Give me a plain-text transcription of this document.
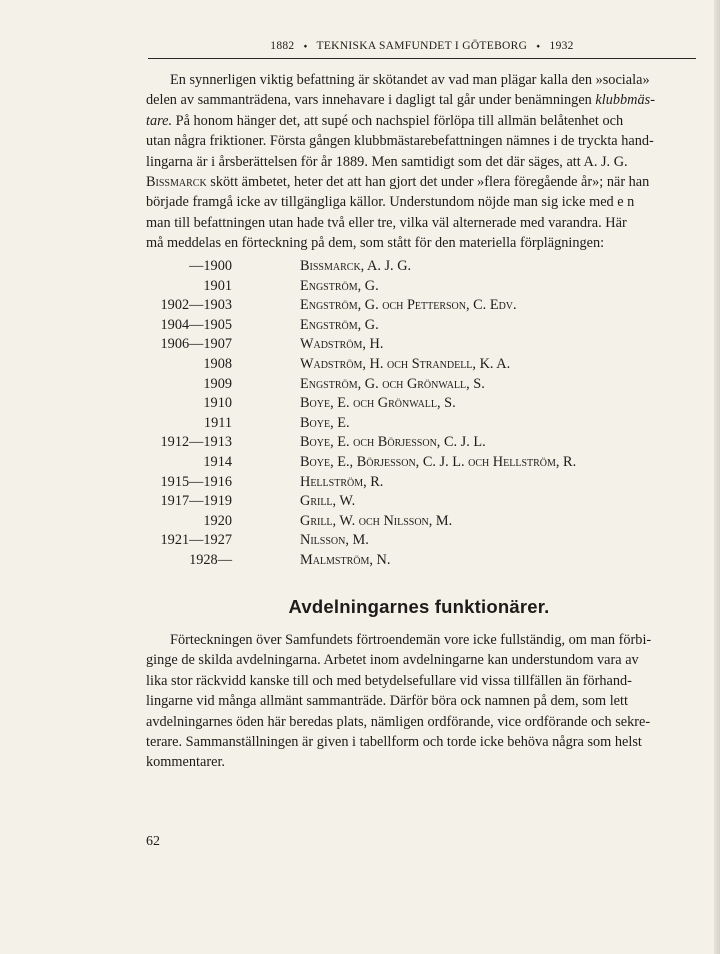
1882 ⬩ TEKNISKA SAMFUNDET I GÖTEBORG ⬩ 1932

En synnerligen viktig befattning är skötandet av vad man plägar kalla den »sociala»

delen av sammanträdena, vars innehavare i dagligt tal går under benämningen klubbmäs-

tare. På honom hänger det, att supé och nachspiel förlöpa till allmän belåtenhet och

utan några friktioner. Första gången klubbmästarebefattningen nämnes i de tryckta hand-

lingarna är i årsberättelsen för år 1889. Men samtidigt som det där säges, att A. J. G.

Bissmarck skött ämbetet, heter det att han gjort det under »flera föregående år»; när han

började framgå icke av tillgängliga källor. Understundom nöjde man sig icke med e n

man till befattningen utan hade två eller tre, vilka väl alternerade med varandra. Här

må meddelas en förteckning på dem, som stått för den materiella förplägningen:

—1900	Bissmarck, A. J. G.
1901	Engström, G.
1902—1903	Engström, G. och Petterson, C. Edv.
1904—1905	Engström, G.
1906—1907	Wadström, H.
1908	Wadström, H. och Strandell, K. A.
1909	Engström, G. och Grönwall, S.
1910	Boye, E. och Grönwall, S.
1911	Boye, E.
1912—1913	Boye, E. och Börjesson, C. J. L.
1914	Boye, E., Börjesson, C. J. L. och Hellström, R.
1915—1916	Hellström, R.
1917—1919	Grill, W.
1920	Grill, W. och Nilsson, M.
1921—1927	Nilsson, M.
1928—	Malmström, N.
Avdelningarnes funktionärer.

Förteckningen över Samfundets förtroendemän vore icke fullständig, om man förbi-

ginge de skilda avdelningarna. Arbetet inom avdelningarne kan understundom vara av

lika stor räckvidd kanske till och med betydelsefullare vid vissa tillfällen än förhand-

lingarne vid många allmänt sammanträde. Därför böra ock namnen på dem, som lett

avdelningarnes öden här beredas plats, nämligen ordförande, vice ordförande och sekre-

terare. Sammanställningen är given i tabellform och torde icke behöva några som helst

kommentarer.

62
